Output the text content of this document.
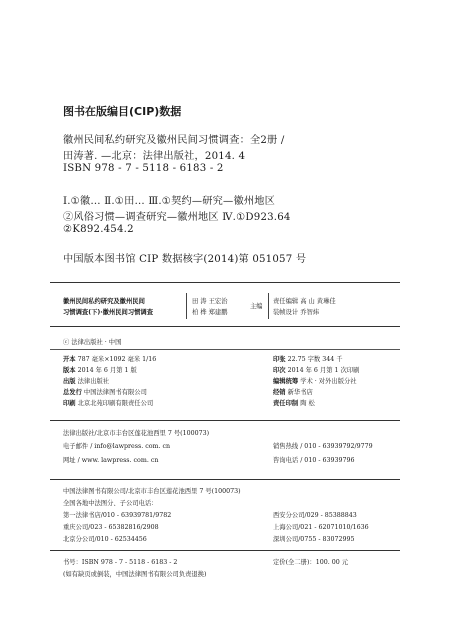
图书在版编目(CIP)数据
徽州民间私约研究及徽州民间习惯调查：全2册 /
田涛著. —北京：法律出版社，2014. 4
ISBN 978 - 7 - 5118 - 6183 - 2
Ⅰ.①徽… Ⅱ.①田… Ⅲ.①契约—研究—徽州地区
②风俗习惯—调查研究—徽州地区 Ⅳ.①D923.64
②K892.454.2
中国版本图书馆 CIP 数据核字(2014)第 051057 号
徽州民间私约研究及徽州民间
习惯调查(下)·徽州民间习惯调查
田 涛 王宏治
柏 桦 郑建鹏
主编
责任编辑 高 山 黄琳佳
装帧设计 乔智炜
ⓒ 法律出版社 · 中国
开本 787 毫米×1092 毫米 1/16
版本 2014 年 6 月第 1 版
出版 法律出版社
总发行 中国法律图书有限公司
印刷 北京北苑印刷有限责任公司
印张 22.75 字数 344 千
印次 2014 年 6 月第 1 次印刷
编辑统筹 学术 · 对外出版分社
经销 新华书店
责任印制 陶 松
法律出版社/北京市丰台区莲花池西里 7 号(100073)
电子邮件 / info@lawpress. com. cn
网址 / www. lawpress. com. cn
销售热线 / 010 - 63939792/9779
咨询电话 / 010 - 63939796
中国法律图书有限公司/北京市丰台区莲花池西里 7 号(100073)
全国各地中法图分、子公司电话：
第一法律书店/010 - 63939781/9782
重庆公司/023 - 65382816/2908
北京分公司/010 - 62534456
西安分公司/029 - 85388843
上海公司/021 - 62071010/1636
深圳公司/0755 - 83072995
书号：ISBN 978 - 7 - 5118 - 6183 - 2	定价(全二册)：100. 00 元
(如有缺页或倒装，中国法律图书有限公司负责退换)
